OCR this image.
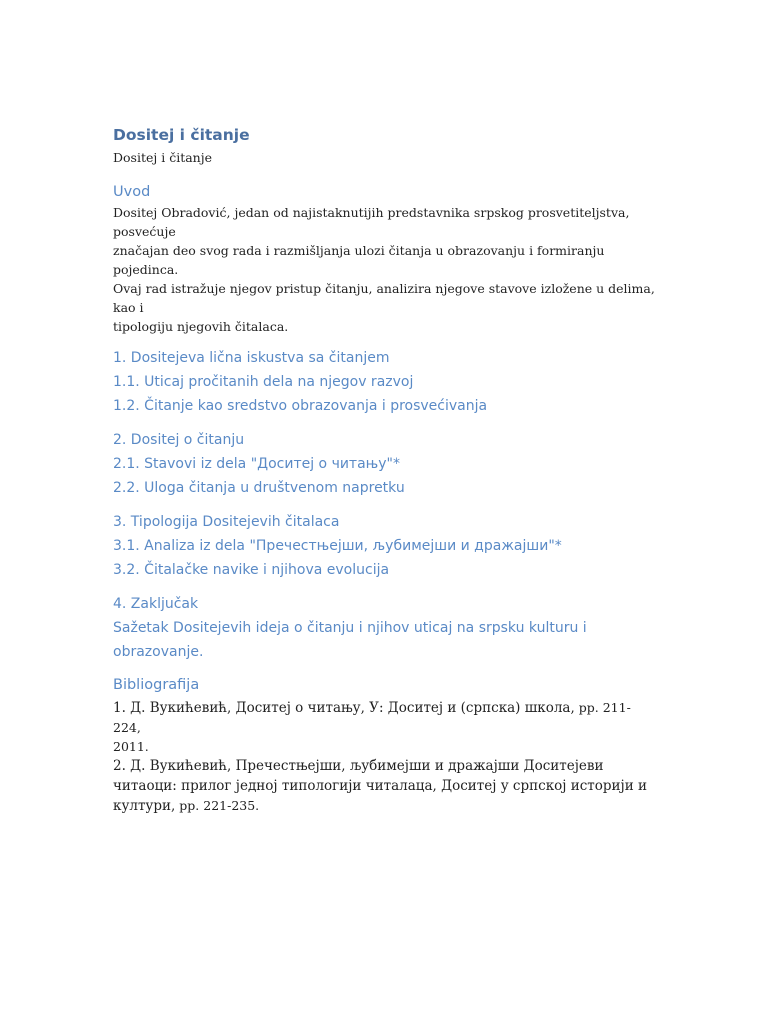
Dositej i čitanje

Dositej i čitanje

Uvod

Dositej Obradović, jedan od najistaknutijih predstavnika srpskog prosvetiteljstva, posvećuje
značajan deo svog rada i razmišljanja ulozi čitanja u obrazovanju i formiranju pojedinca.
Ovaj rad istražuje njegov pristup čitanju, analizira njegove stavove izložene u delima, kao i
tipologiju njegovih čitalaca.

1. Dositejeva lična iskustva sa čitanjem
1.1. Uticaj pročitanih dela na njegov razvoj
1.2. Čitanje kao sredstvo obrazovanja i prosvećivanja
2. Dositej o čitanju
2.1. Stavovi iz dela "Доситеј о читању"*
2.2. Uloga čitanja u društvenom napretku
3. Tipologija Dositejevih čitalaca
3.1. Analiza iz dela "Пречестњејши, љубимејши и дражајши"*
3.2. Čitalačke navike i njihova evolucija
4. Zaključak
Sažetak Dositejevih ideja o čitanju i njihov uticaj na srpsku kulturu i
obrazovanje.
Bibliografija
1. Д. Вукићевић, Доситеј о читању, У: Доситеј и (српска) школа, pp. 211-224,
2011.
2. Д. Вукићевић, Пречестњејши, љубимејши и дражајши Доситејеви
читаоци: прилог једној типологији читалаца, Доситеј у српској историји и
култури, pp. 221-235.
